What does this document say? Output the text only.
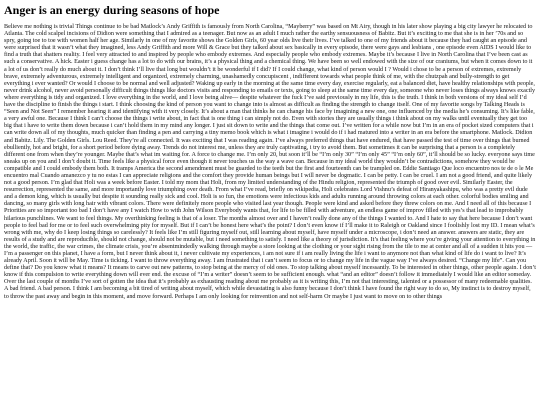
Anger is an energy during seasons of hope

Believe me nothing is trivial Things continue to be bad Matlock’s Andy Griffith is famously from North Carolina, “Mayberry” was based on Mt Airy, though in his later show playing a big city lawyer he relocated to Atlanta. The cold scalpel incisions of Didion were something that I admired as a teenager. But now as an adult I much rather the earthy sensuousness of Babitz. But it’s exciting to me that she is in her ’70s and so spry, going toe to toe with women half her age. Similarly in one of my favorite shows the Golden Girls, 60 year olds live their lives. I’ve talked to one of my friends about it because they had caught an episode and were surprised that it wasn’t what they imagined, less Andy Griffith and more Will & Grace but they talked about sex basically in every episode, there were gays and lesbians , one episode even AIDS I would like to find a truth that shatters reality. I feel very attracted to and inspired by people who embody extremes. And especially people who embody extremes. Maybe it’s because I live in North Carolina that I’ve been cast as such a conservative. A hick. Easter i guess change has a lot to do with our brains, it’s a physical thing and a chemical thing. We have been so well endowed with the size of our craniums, but when it comes down to it a lot of us don’t really do much about it. I don’t think I’ll live that long but wouldn’t it be wonderful if I did? If I could change, what kind of person would I ? Would i chose to be a person of extremes, extremely brave, extremely adventurous, extremely intelligent and organized, extremely charming, unashamedly concupiscent , indifferent towards what people think of me, with the chutzpah and bully-strength to get everything i ever wanted? Or would I choose to be normal and well adjusted? Waking up early in the morning at the same time every day, exercise regularly, eat a balanced diet, have healthy relationships with people, never drink alcohol, never avoid personally difficult things things like doctors visits and responding to emails or texts, going to sleep at the same time every day, someone who never loses things always knows exactly where everything is tidy and organized. I love everything in the world, and I love being alive— despite whatever the fuck I’ve said previously in my life, this is the truth. I think in both versions of my ideal self I’d have the discipline to finish the things i start. I think choosing the kind of person you want to change into is almost as difficult as finding the strength to change itself. One of my favorite songs by Talking Heads is “Seen and Not Seen” I remember hearing it and identifying with it very closely. It’s about a man that thinks he can change his face by imagining a new one, one influenced by the media he’s consuming. It’s like fable, a very awful one. Because I think I can’t choose the things i write about, in fact that is one thing i can simply not do. Even with stories they are usually things i think about on my walks until eventually they get too big that i have to write them down because i can’t hold them in my mind any longer. I just sit down to write and the things that come out. I’ve written for a while now but I’m in an era of pocket sized computers that i can write down all of my thoughts, much quicker than finding a pen and carrying a tiny memo book which is what i imagine i would do if i had matured into a writer in an era before the smartphone. Matlock. Didion and Babitz. Lily. The Golden Girls. Lou Reed. They’re all connected. It was exciting that I was reading again. I’ve always preferred things that have endured, that have passed the test of time over things that burned ebulliently, hot and bright, for a short period before dying away. Trends do not interest me, unless they are truly captivating, i try to avoid them. But sometimes it can be surprising that a person is a completely different one from when they’re younger. Maybe that’s what im waiting for. A force to change me. I’m only 20, but soon it’ll be “I’m only 30” “I’m only 45” “I’m only 60”, it’ll should be so lucky. everyone says time sneaks up on you and I don’t doubt it. Time feels like a physical force even though it never touches us the way a wave can. Because in my ideal world they wouldn’t be contradictions, somehow they would be compatible and I could embody them both. It tramps America the second amendment must be guarded to the teeth but the first and fourteenth can be trampled on. Eddie Santiago Que loco encuentro nos te de o le Me encuentro mal Cuando amanezco y tu no estas I can appreciate religions and the comfort they provide human beings but I will never be dogmatic. I can be petty. I can be cruel. I am not a good friend, and quite likely not a good person. I’m glad that Holi was a week before Easter. I told my mom that Holi, from my limited understanding of the Hindu religion, represented the triumph of good over evil. Similarly Easter, the resurrection, represented the same, and more importantly love triumphing over death. From what I’ve read, briefly on wikipedia, Holi celebrates Lord Vishnu’s defeat of Hiranyakashipu, who was a pretty evil dude and a demon king, which is usually but despite it sounding really sick and cool. Holi is so fun, the emotions were infectious kids and adults running around throwing colors at each other. colorful bodies smiling and dancing, so many girls with long hair with vibrant colors. There were definitely more people who visited last year though. People were kind and asked before they threw colors on me. And I need all of this because I Priorities are so important too bad I don’t have any I watch How to with John Wilson Everybody wants that, for life to be filled with adventure, an endless game of improv filled with yes’s that lead to improbably hilarious punchlines. We want to feel things. My overthinking feeling is that of a loser. The months almost over and I haven’t really done any of the things I wanted to. And I hate to say that here because I don’t want people to feel bad for me or to feel such overwhelming pity for myself. But if I can’t be honest here what’s the point? I don’t even know if I’ll make it to Raleigh or Oakland since I foolishly lost my ID. I mean what’s wrong with me, why do I keep losing things so carelessly? It feels like I’m still figuring myself out, still learning about myself, have myself under a microscope, i don’t need an answer. answers are static, they are results of a study and are reproducible, should not change, should not be mutable, but i need something to satisfy. I need like a theory of jurisdiction. It’s that feeling where you’re giving your attention to everything in the world, the traffic, the war crimes, the climate crisis, you’re absentmindedly walking through maybe a store looking at the clothing or your sight rising from the tile to me at center and all of a sudden it hits you — I’m a passenger on this planet, I have a form, but I never think about it, i never cultivate my experiences, i am not sure if i am really living the life i want to anymore not than what kind of life do i want to live? It’s already April. Soon it will be May. Time is ticking. I want to throw everything away. I am frustrated that i can’t seem to focus or to change my life in the vague way I’ve always desired. “Change my life”. Can you define that? Do you know what it means? It means to carve out new patterns, to stop being at the mercy of old ones. To stop talking about myself incessantly. To be interested in other things, other people again. I don’t know if this compulsion to write everything down will ever end. the excuse of “I’m a writer” doesn’t seem to be sufficient enough. what “and an editor” doesn’t follow it immediately I would like an editor someday. Over the last couple of months I’ve sort of gotten the idea that it’s probably as exhausting reading about me probably as it is writing this, I’m not that interesting, talented or a possessor of many redeemable qualities. A bad friend. A bad person. I think I am becoming a bit tired of writing about myself, which while devastating is also funny because I don’t think I have found the right way to do so, My instinct is to destroy myself, to throw the past away and begin in this moment, and move forward. Perhaps I am only looking for reinvention and not self-harm Or maybe I just want to move on to other things
